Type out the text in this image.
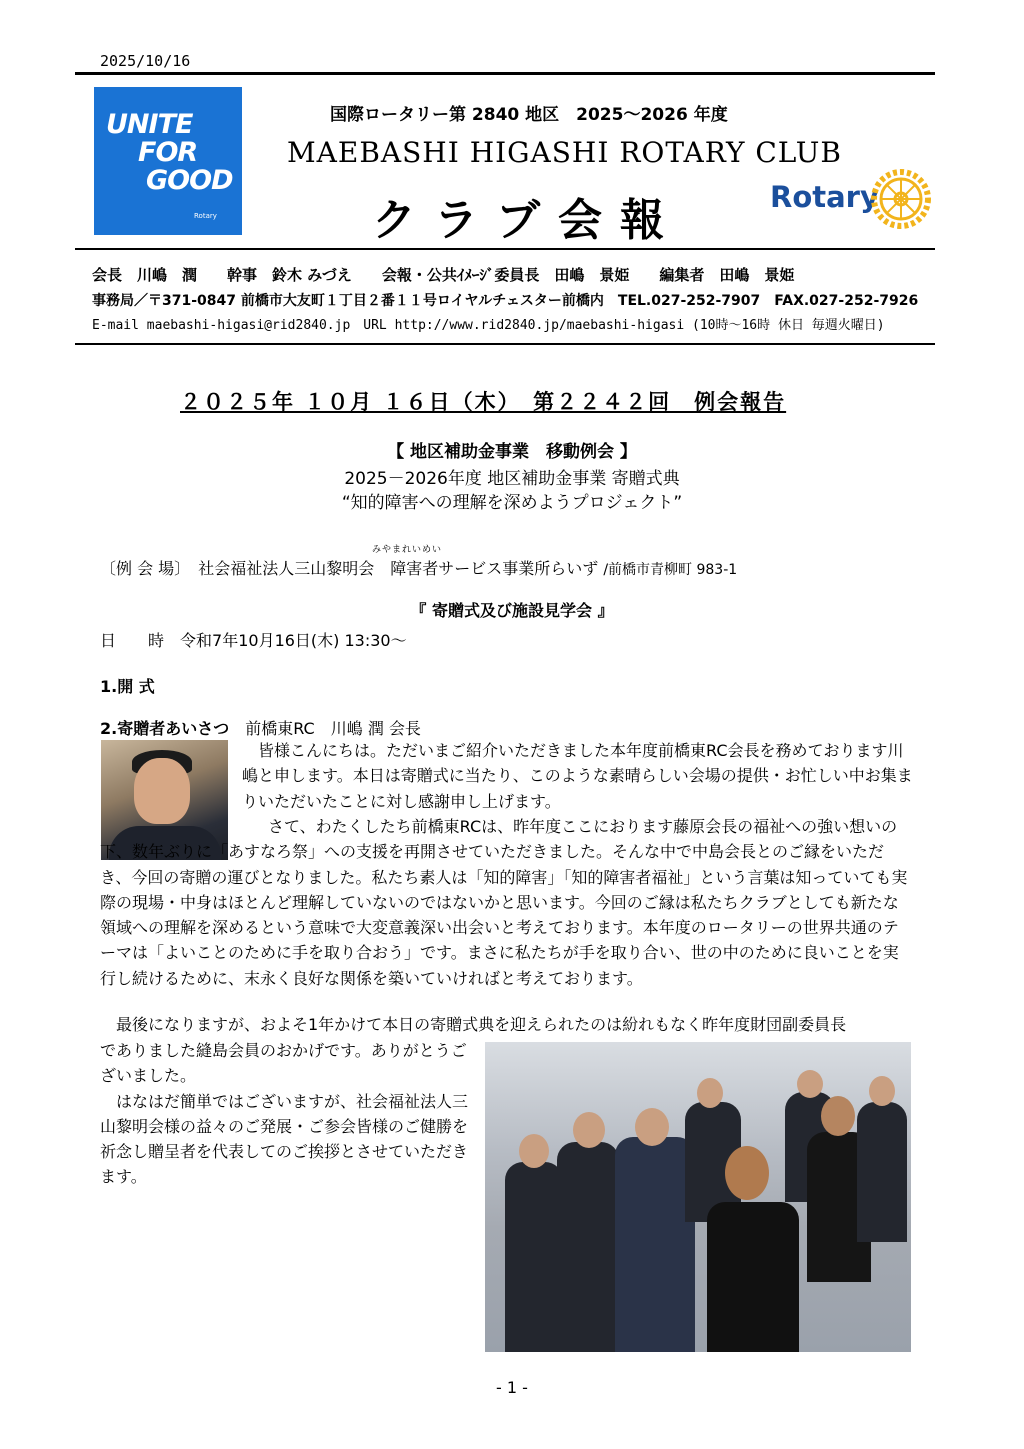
2025/10/16
UNITE
FOR
GOOD
Rotary
国際ロータリー第 2840 地区　2025～2026 年度
MAEBASHI HIGASHI ROTARY CLUB
クラブ会報	Rotary
会長　川嶋　潤　　幹事　鈴木 みづえ　　会報・公共ｲﾒｰｼﾞ委員長　田嶋　景姫　　編集者　田嶋　景姫
事務局／〒371-0847 前橋市大友町１丁目２番１１号ロイヤルチェスター前橋内　TEL.027-252-7907　FAX.027-252-7926
E-mail maebashi-higasi@rid2840.jp　URL http://www.rid2840.jp/maebashi-higasi (10時～16時 休日 毎週火曜日)
２０２５年 １０月 １６日（木）　第２２４２回　例会報告
【 地区補助金事業　移動例会 】
2025－2026年度 地区補助金事業 寄贈式典
“知的障害への理解を深めようプロジェクト”
みやまれいめい
〔例 会 場〕　 社会福祉法人三山黎明会　障害者サービス事業所らいず /前橋市青柳町 983-1
『 寄贈式及び施設見学会 』
日　　時　 令和7年10月16日(木) 13:30～
1.開 式
2.寄贈者あいさつ　 前橋東RC　川嶋 潤 会長
皆様こんにちは。ただいまご紹介いただきました本年度前橋東RC会長を務めております川嶋と申します。本日は寄贈式に当たり、このような素晴らしい会場の提供・お忙しい中お集まりいただいたことに対し感謝申し上げます。
さて、わたくしたち前橋東RCは、昨年度ここにおります藤原会長の福祉への強い想いの下、数年ぶりに「あすなろ祭」への支援を再開させていただきました。そんな中で中島会長とのご縁をいただき、今回の寄贈の運びとなりました。私たち素人は「知的障害」「知的障害者福祉」という言葉は知っていても実際の現場・中身はほとんど理解していないのではないかと思います。今回のご縁は私たちクラブとしても新たな領域への理解を深めるという意味で大変意義深い出会いと考えております。本年度のロータリーの世界共通のテーマは「よいことのために手を取り合おう」です。まさに私たちが手を取り合い、世の中のために良いことを実行し続けるために、末永く良好な関係を築いていければと考えております。
最後になりますが、およそ1年かけて本日の寄贈式典を迎えられたのは紛れもなく昨年度財団副委員長
でありました縫島会員のおかげです。ありがとうございました。
はなはだ簡単ではございますが、社会福祉法人三山黎明会様の益々のご発展・ご参会皆様のご健勝を祈念し贈呈者を代表してのご挨拶とさせていただきます。
- 1 -
